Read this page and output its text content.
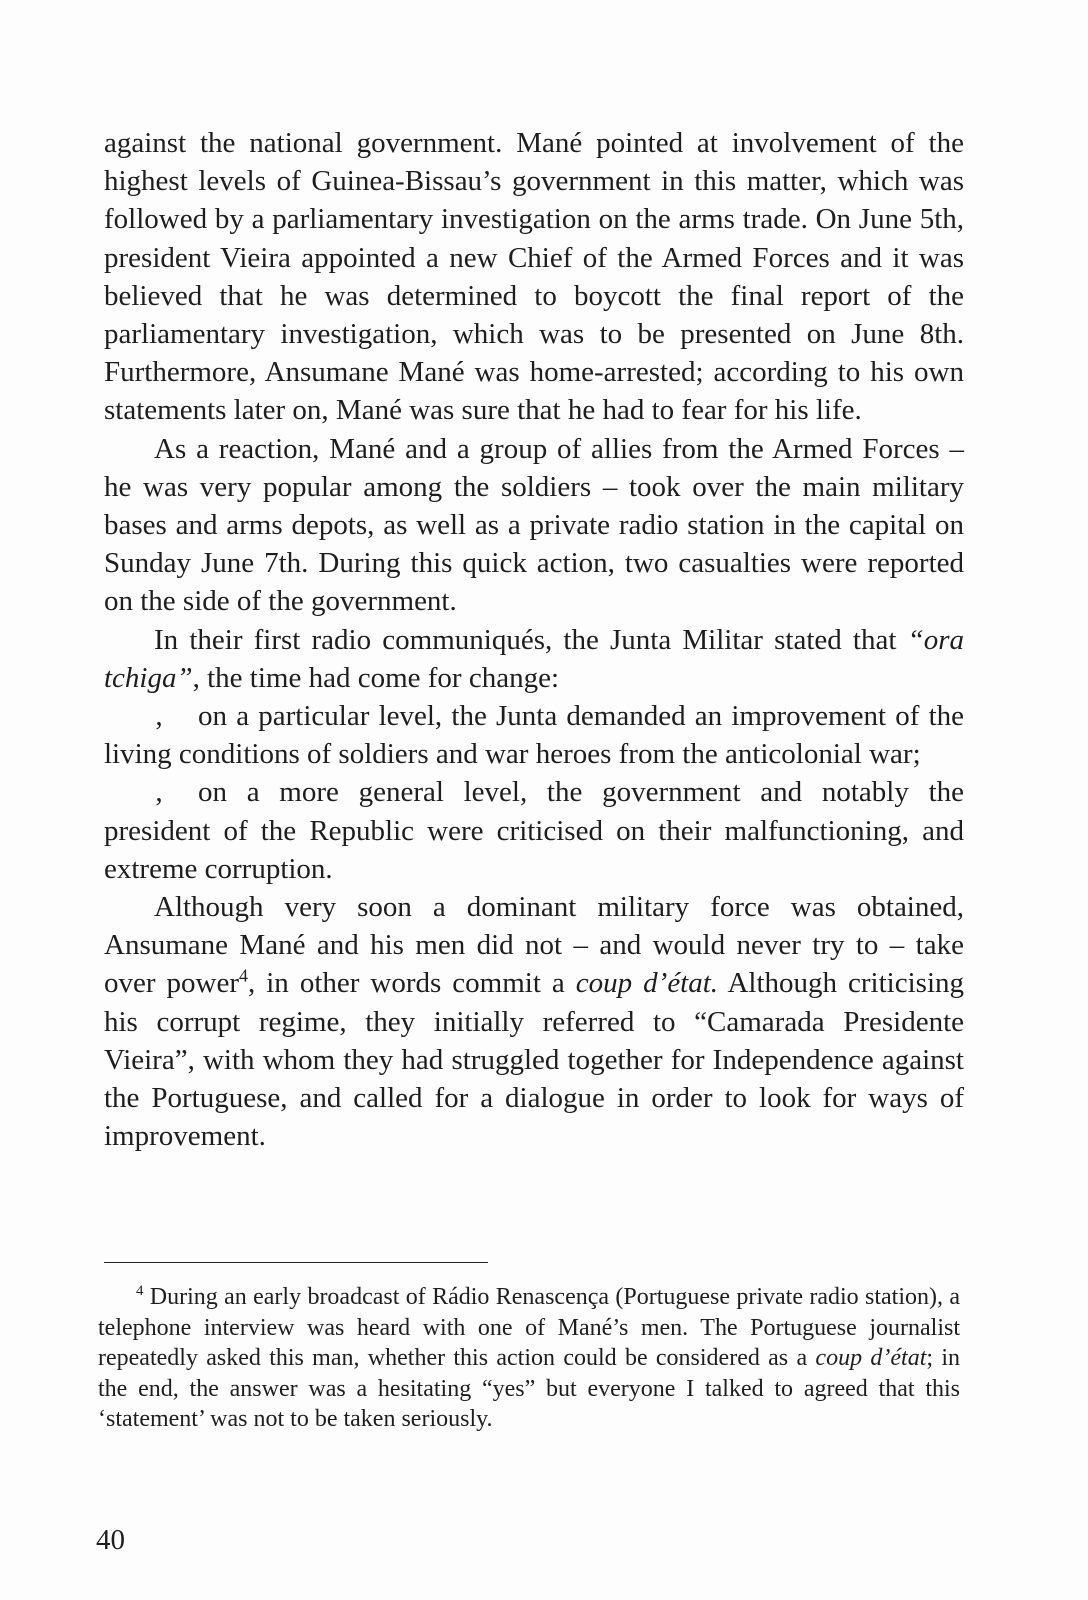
against the national government. Mané pointed at involvement of the highest levels of Guinea-Bissau’s government in this matter, which was followed by a parliamentary investigation on the arms trade. On June 5th, president Vieira appointed a new Chief of the Armed Forces and it was believed that he was determined to boycott the final report of the parliamentary investigation, which was to be presented on June 8th. Furthermore, Ansumane Mané was home-arrested; according to his own statements later on, Mané was sure that he had to fear for his life.

As a reaction, Mané and a group of allies from the Armed Forces – he was very popular among the soldiers – took over the main military bases and arms depots, as well as a private radio station in the capital on Sunday June 7th. During this quick action, two casualties were reported on the side of the government.

In their first radio communiqués, the Junta Militar stated that “ora tchiga”, the time had come for change:

‚ on a particular level, the Junta demanded an improvement of the living conditions of soldiers and war heroes from the anticolonial war;

‚ on a more general level, the government and notably the president of the Republic were criticised on their malfunctioning, and extreme corruption.

Although very soon a dominant military force was obtained, Ansumane Mané and his men did not – and would never try to – take over power$^4$, in other words commit a coup d’état. Although criticising his corrupt regime, they initially referred to “Camarada Presidente Vieira”, with whom they had struggled together for Independence against the Portuguese, and called for a dialogue in order to look for ways of improvement.

$^4$ During an early broadcast of Rádio Renascença (Portuguese private radio station), a telephone interview was heard with one of Mané’s men. The Portuguese journalist repeatedly asked this man, whether this action could be considered as a coup d’état; in the end, the answer was a hesitating “yes” but everyone I talked to agreed that this ‘statement’ was not to be taken seriously.

40
